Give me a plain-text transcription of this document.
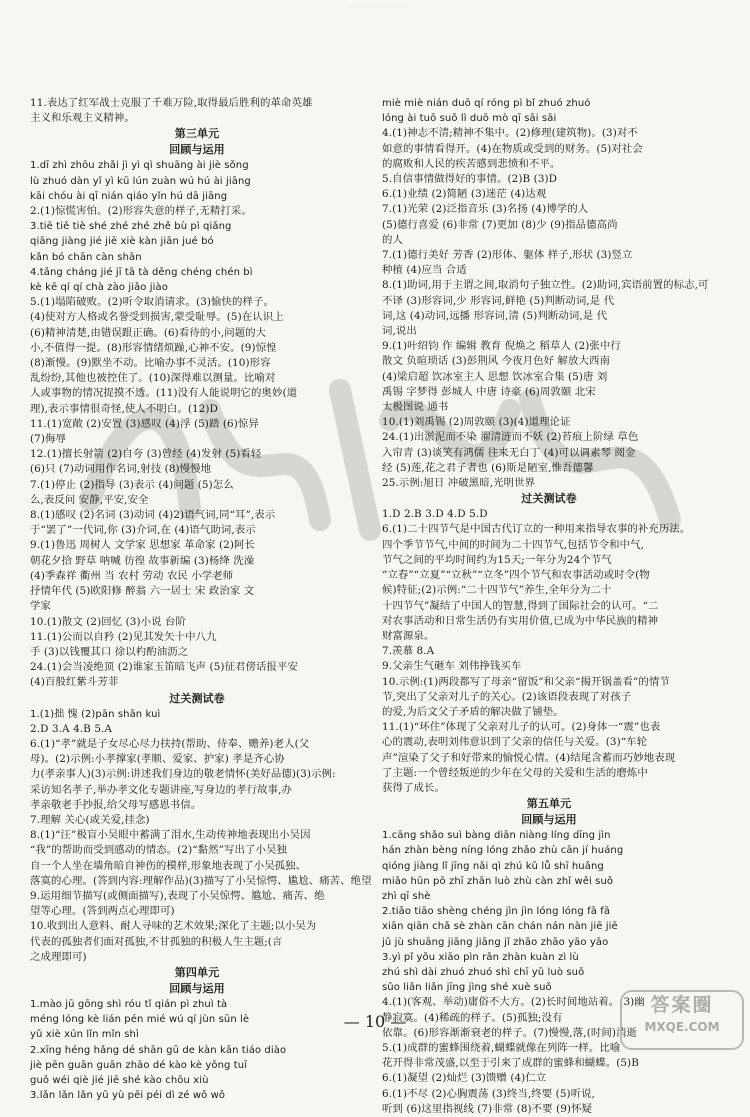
11.表达了红军战士克服了千难万险,取得最后胜利的革命英雄
主义和乐观主义精神。
第三单元
回顾与运用
1.dī zhì zhōu zhǎi jì yì qì shuāng ài jiè sǒng
lù zhuó dàn yǐ yì kū lún zuàn wú hú ài jiāng
kāi chóu ài qī nián qiáo yǐn hú dā jiāng
2.(1)惊慌害怕。(2)形容失意的样子,无精打采。
3.tiē tiě tiè shé zhé zhé zhě bù pì qiǎng
qiāng jiàng jié jiē xiè kàn jiān jué bó
kǎn bó chān càn shān
4.tǎng cháng jié jī tā tà děng chéng chén bì
kè kē qí qí chà zào jiǎo jiào
5.(1)塌陷破败。(2)听令取消请求。(3)愉快的样子。
(4)使对方人格或名誉受到损害,蒙受耻辱。(5)在认识上
(6)精神清楚,由错误跟正确。(6)看待的小,问题的大
小,不值得一提。(8)形容情绪烦躁,心神不安。(9)惊惶
(8)渐慢。(9)默坐不动。比喻办事不灵活。(10)形容
乱纷纷,其他也被控住了。(10)深得难以测量。比喻对
人或事物的情况捉摸不透。(11)没有人能说明它的奥妙(道
理),表示事情很奇怪,使人不明白。(12)D
11.(1)宽敞 (2)安置 (3)感叹 (4)浮 (5)踏 (6)惊异
(7)侮辱
12.(1)擅长射箭 (2)自夸 (3)曾经 (4)发射 (5)看轻
(6)只 (7)动词用作名词,射技 (8)慢慢地
7.(1)停止 (2)指导 (3)表示 (4)问题 (5)怎么
么,表反问 安静,平安,安全
8.(1)感叹 (2)名词 (3)动词 (4)2)语气词,同“耳”,表示
于“罢了”一代词,你 (3)介词,在 (4)语气助词,表示
9.(1)鲁迅 周树人 文学家 思想家 革命家 (2)阿长
朝花夕拾 野草 呐喊 彷徨 故事新编 (3)杨绛 洗澡
(4)季森祥 衢州 当 农村 劳动 农民 小学老师
抒情年代 (5)欧阳修 醉翁 六一居士 宋 政治家 文
学家
10.(1)散文 (2)回忆 (3)小说 台阶
11.(1)公而以自矜 (2)见其发矢十中八九
手 (3)以钱覆其口 徐以杓酌油沥之
24.(1)会当凌绝顶 (2)谁家玉笛暗飞声 (5)征君傍话报平安
(4)百般红紫斗芳菲
过关测试卷
1.(1)拙 愧 (2)pān shān kuì
2.D 3.A 4.B 5.A
6.(1)“孝”就是子女尽心尽力扶持(帮助、侍奉、赡养)老人(父
母)。(2)示例:小孝撑家(孝顺、爱家、护家) 孝是齐心协
力(孝亲事人)(3)示例:讲述我们身边的敬老情怀(美好品德)(3)示例:
采访知名孝子,举办孝文化专题讲座,写身边的孝行故事,办
孝亲敬老手抄报,给父母写感恩书信。
7.理解 关心(或关爱,挂念)
8.(1)“汪”极盲小吴眼中蓄满了泪水,生动传神地表现出小吴因
“我”的帮助而受到感动的情态。(2)“黏然”写出了小吴独
自一个人坐在墙角暗自神伤的模样,形象地表现了小吴孤独、
落寞的心理。(答到内容:理解作品)(3)描写了小吴惊愕、尴尬、痛苦、绝望
9.运用细节描写(或侧面描写),表现了小吴惊愕、尴尬、痛苦、绝
望等心理。(答到两点心理即可)
10.收到出人意料、耐人寻味的艺术效果;深化了主题;以小吴为
代表的孤独者们面对孤独,不甘孤独的积极人生主题;(言
之成理即可)
第四单元
回顾与运用
1.mào jū gōng shì róu tǐ qián pì zhuì tà
méng lóng kè lián pén mié wú qí jùn sūn lè
yǔ xiè xún lǐn mǐn shì
2.xīng héng hǎng dé shān gū de kàn kān tiáo diào
jiè pēn guān guān zhāo dé kào kè yǒng tuī
guǒ wéi qiè jié jiē shé kào chōu xiù
3.lǎn lǎn lǎn yǔ yù pēi péi dì zé wǒ wǒ
miè miè nián duō qí róng pì bǐ zhuó zhuó
lóng ài tuō suǒ lì duō mò qī sāi sāi
4.(1)神志不清;精神不集中。(2)修理(建筑物)。(3)对不
如意的事情看得开。(4)在物质或受到的财务。(5)对社会
的腐败和人民的疾苦感到悲愤和不平。
5.自信事情做得好的事情。(2)B (3)D
6.(1)业绩 (2)简陋 (3)迷茫 (4)达观
7.(1)光荣 (2)泛指音乐 (3)名扬 (4)博学的人
(5)德行喜爱 (6)非常 (7)更加 (8)少 (9)指品德高尚
的人
7.(1)德行美好 芳香 (2)形体、躯体 样子,形状 (3)竖立
种植 (4)应当 合适
8.(1)助词,用于主谓之间,取消句子独立性。(2)助词,宾语前置的标志,可
不译 (3)形容词,少 形容词,鲜艳 (5)判断动词,是 代
词,这 (4)动词,远播 形容词,清 (5)判断动词,是 代
词,说出
9.(1)叶绍钧 作 编辑 教育 倪焕之 稻草人 (2)张中行
散文 负暄琐话 (3)彭荆风 今夜月色好 解放大西南
(4)梁启超 饮冰室主人 思想 饮冰室合集 (5)唐 刘
禹锡 字梦得 彭城人 中唐 诗豪 (6)周敦颐 北宋
太极图说 通书
10.(1)刘禹锡 (2)周敦颐 (3)(4)道理论证
24.(1)出淤泥而不染 濯清涟而不妖 (2)苔痕上阶绿 草色
入帘青 (3)谈笑有鸿儒 往来无白丁 (4)可以调素琴 阅金
经 (5)莲,花之君子者也 (6)斯是陋室,惟吾德馨
25.示例:旭日 冲破黑暗,光明世界
过关测试卷
1.D 2.B 3.D 4.D 5.D
6.(1)二十四节气是中国古代订立的一种用来指导农事的补充历法。
四个季节节气,中间的时间为二十四节气,包括节令和中气,
节气之间的平均时间约为15天;一年分为24个节气
“立春”“立夏”“立秋”“立冬”四个节气和农事活动或时令(物
候)特征;(2)示例:“二十四节气”养生,全年分为二十
十四节气”凝结了中国人的智慧,得到了国际社会的认可。“二
对农事活动和日常生活仍有实用价值,已成为中华民族的精神
财富源泉。
7.羡慕 8.A
9.父亲生气砸车 刘伟挣钱买车
10.示例:(1)两段都写了母亲“留饭”和父亲“揭开锅盖看”的情节
节,突出了父亲对儿子的关心。(2)该语段表现了对孩子
的爱,为后文父子矛盾的解决做了铺垫。
11.(1)“环住”体现了父亲对儿子的认可。(2)身体一“震”也表
心的震动,表明刘伟意识到了父亲的信任与关爱。(3)“车轮
声”渲染了父子和好带来的愉悦心情。(4)结尾含蓄而巧妙地表现
了主题:一个曾经叛逆的少年在父母的关爱和生活的磨炼中
获得了成长。
第五单元
回顾与运用
1.cāng shǎo suì bàng diān niàng líng dīng jìn
hán zhàn bèng níng lóng zhǎo zhù cān jí huáng
qióng jiàng lǐ jīng nǎi qì zhú kǔ lǚ shī huǎng
miǎo hūn pō zhī zhān luò zhù càn zhǐ wěi suǒ
zhì qī shè
2.tiǎo tiāo shèng chéng jìn jìn lóng lóng fā fā
xiān qiān chǎ sè zhàn cān chán nán nàn jiē jiē
jǔ jù shuāng jiāng jiāng jǐ zhāo zhāo yāo yāo
3.yì pǐ yǒu xiāo pìn rǎn zhàn kuàn zì lù
zhú shì dài zhuó zhuó shì chī yǔ luò suǒ
sǔo liǎn liǎn jīng jìng shé xuè suǒ
4.(1)(客观、举动)庸俗不大方。(2)长时间地站着。(3)幽
静寂寞。(4)稀疏的样子。(5)孤独;没有
依靠。(6)形容渐渐衰老的样子。(7)慢慢,落,(时间)消逝
5.(1)成群的蜜蜂围绕着,蝴蝶就像在列阵一样。比喻
花开得非常茂盛,以至于引来了成群的蜜蜂和蝴蝶。(5)B
6.(1)凝望 (2)灿烂 (3)馈赠 (4)仁立
6.(1)不尽 (2)心胸震荡 (3)终当,终要 (5)听说,
听到 (6)这里指视线 (7)非常 (8)不要 (9)怀疑
— 10 —
答案圈
MXQE.COM
